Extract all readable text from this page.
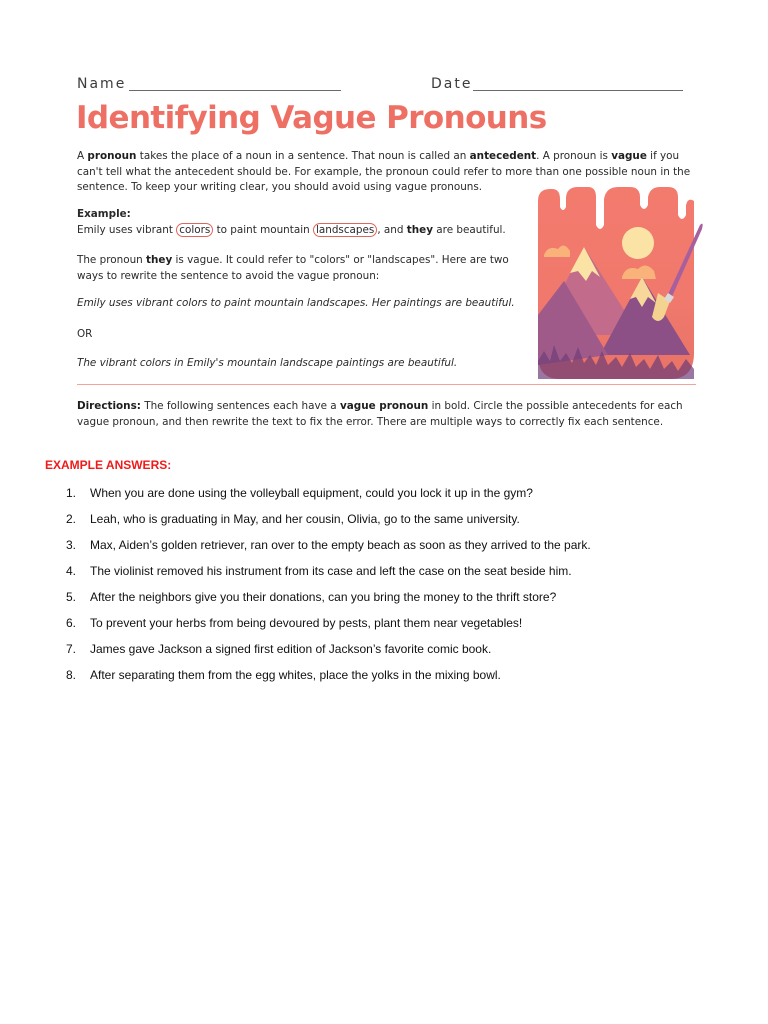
Name	Date
Identifying Vague Pronouns

A pronoun takes the place of a noun in a sentence. That noun is called an antecedent. A pronoun is vague if you can't tell what the antecedent should be. For example, the pronoun could refer to more than one possible noun in the sentence. To keep your writing clear, you should avoid using vague pronouns.

Example:

Emily uses vibrant colors to paint mountain landscapes , and they are beautiful.

The pronoun they is vague. It could refer to "colors" or "landscapes". Here are two ways to rewrite the sentence to avoid the vague pronoun:

Emily uses vibrant colors to paint mountain landscapes. Her paintings are beautiful.

OR

The vibrant colors in Emily's mountain landscape paintings are beautiful.

Directions: The following sentences each have a vague pronoun in bold. Circle the possible antecedents for each vague pronoun, and then rewrite the text to fix the error. There are multiple ways to correctly fix each sentence.

EXAMPLE ANSWERS:

1. When you are done using the volleyball equipment, could you lock it up in the gym?
2. Leah, who is graduating in May, and her cousin, Olivia, go to the same university.
3. Max, Aiden’s golden retriever, ran over to the empty beach as soon as they arrived to the park.
4. The violinist removed his instrument from its case and left the case on the seat beside him.
5. After the neighbors give you their donations, can you bring the money to the thrift store?
6. To prevent your herbs from being devoured by pests, plant them near vegetables!
7. James gave Jackson a signed first edition of Jackson’s favorite comic book.
8. After separating them from the egg whites, place the yolks in the mixing bowl.
